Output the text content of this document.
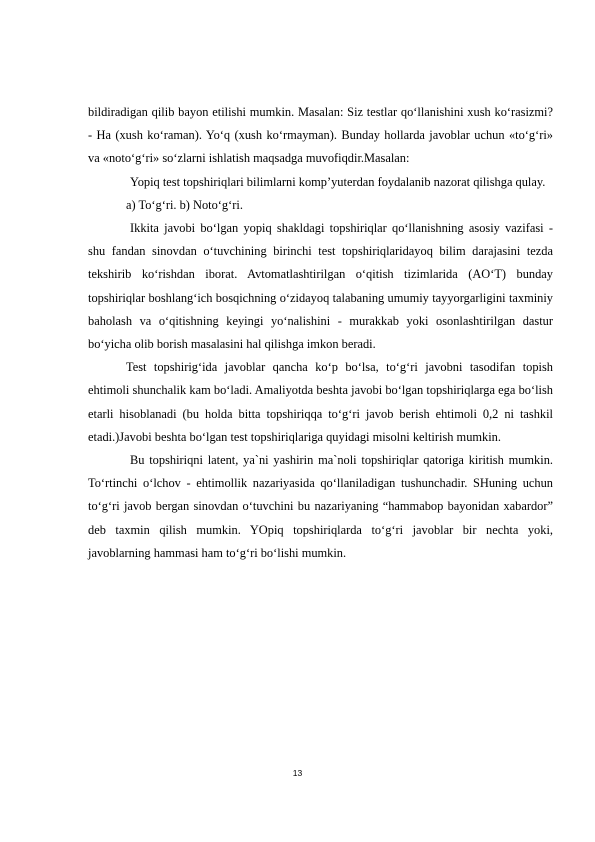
bildiradigan qilib bayon etilishi mumkin. Masalan: Siz testlar qo‘llanishini xush ko‘rasizmi? - Ha (xush ko‘raman). Yo‘q (xush ko‘rmayman). Bunday hollarda javoblar uchun «to‘g‘ri» va «noto‘g‘ri» so‘zlarni ishlatish maqsadga muvofiqdir.Masalan:

Yopiq test topshiriqlari bilimlarni komp’yuterdan foydalanib nazorat qilishga qulay.

a) To‘g‘ri. b) Noto‘g‘ri.

Ikkita javobi bo‘lgan yopiq shakldagi topshiriqlar qo‘llanishning asosiy vazifasi - shu fandan sinovdan o‘tuvchining birinchi test topshiriqlaridayoq bilim darajasini tezda tekshirib ko‘rishdan iborat. Avtomatlashtirilgan o‘qitish tizimlarida (AO‘T) bunday topshiriqlar boshlang‘ich bosqichning o‘zidayoq talabaning umumiy tayyorgarligini taxminiy baholash va o‘qitishning keyingi yo‘nalishini - murakkab yoki osonlashtirilgan dastur bo‘yicha olib borish masalasini hal qilishga imkon beradi.

Test topshirig‘ida javoblar qancha ko‘p bo‘lsa, to‘g‘ri javobni tasodifan topish ehtimoli shunchalik kam bo‘ladi. Amaliyotda beshta javobi bo‘lgan topshiriqlarga ega bo‘lish etarli hisoblanadi (bu holda bitta topshiriqqa to‘g‘ri javob berish ehtimoli 0,2 ni tashkil etadi.)Javobi beshta bo‘lgan test topshiriqlariga quyidagi misolni keltirish mumkin.

Bu topshiriqni latent, ya`ni yashirin ma`noli topshiriqlar qatoriga kiritish mumkin. To‘rtinchi o‘lchov - ehtimollik nazariyasida qo‘llaniladigan tushunchadir. SHuning uchun to‘g‘ri javob bergan sinovdan o‘tuvchini bu nazariyaning “hammabop bayonidan xabardor” deb taxmin qilish mumkin. YOpiq topshiriqlarda to‘g‘ri javoblar bir nechta yoki, javoblarning hammasi ham to‘g‘ri bo‘lishi mumkin.

13
